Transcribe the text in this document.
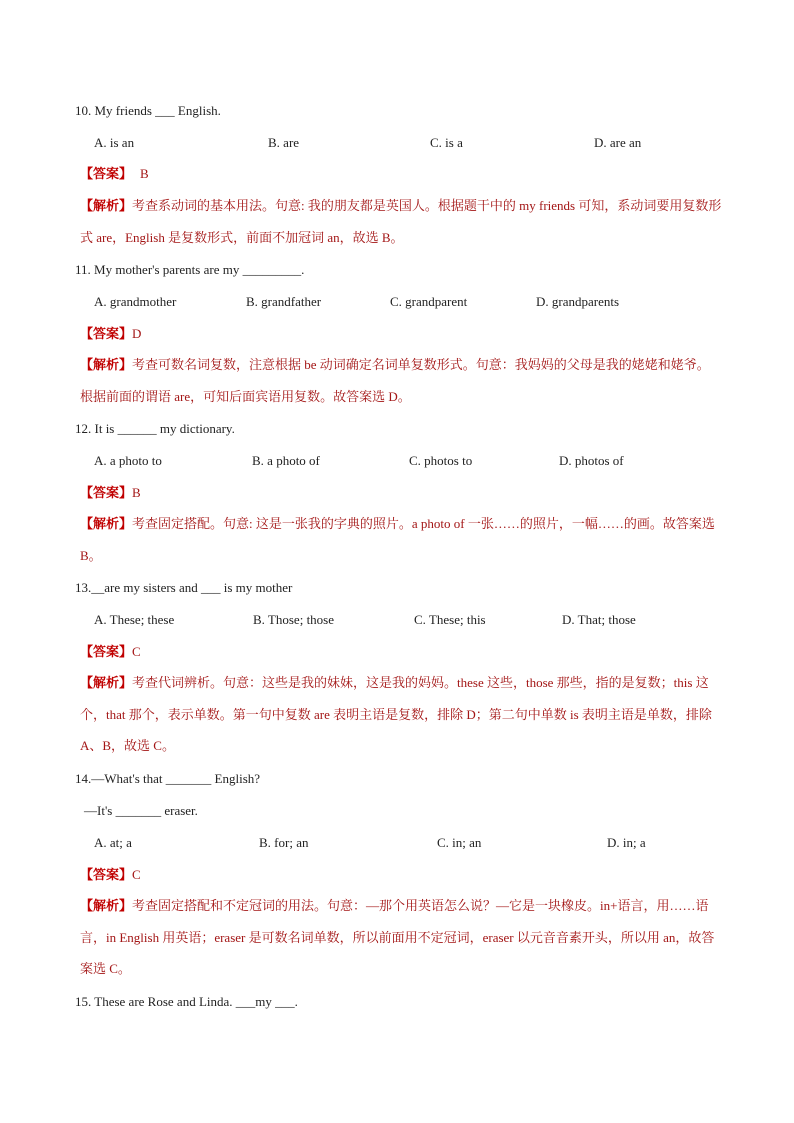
10. My friends ___ English.
A. is an	B. are	C. is a	D. are an
【答案】 B
【解析】考查系动词的基本用法。句意: 我的朋友都是英国人。根据题干中的 my friends 可知，系动词要用复数形式 are，English 是复数形式，前面不加冠词 an，故选 B。
11. My mother's parents are my _________.
A. grandmother	B. grandfather	C. grandparent	D. grandparents
【答案】D
【解析】考查可数名词复数，注意根据 be 动词确定名词单复数形式。句意：我妈妈的父母是我的姥姥和姥爷。根据前面的谓语 are，可知后面宾语用复数。故答案选 D。
12. It is ______ my dictionary.
A. a photo to	B. a photo of	C. photos to	D. photos of
【答案】B
【解析】考查固定搭配。句意: 这是一张我的字典的照片。a photo of 一张……的照片，一幅……的画。故答案选 B。
13.__are my sisters and ___ is my mother
A. These; these	B. Those; those	C. These; this	D. That; those
【答案】C
【解析】考查代词辨析。句意：这些是我的妹妹，这是我的妈妈。these 这些，those 那些，指的是复数；this 这个，that 那个，表示单数。第一句中复数 are 表明主语是复数，排除 D；第二句中单数 is 表明主语是单数，排除 A、B，故选 C。
14.—What's that _______ English?
—It's _______ eraser.
A. at; a	B. for; an	C. in; an	D. in; a
【答案】C
【解析】考查固定搭配和不定冠词的用法。句意：—那个用英语怎么说？—它是一块橡皮。in+语言，用……语言，in English 用英语；eraser 是可数名词单数，所以前面用不定冠词，eraser 以元音音素开头，所以用 an，故答案选 C。
15. These are Rose and Linda. ___my ___.
